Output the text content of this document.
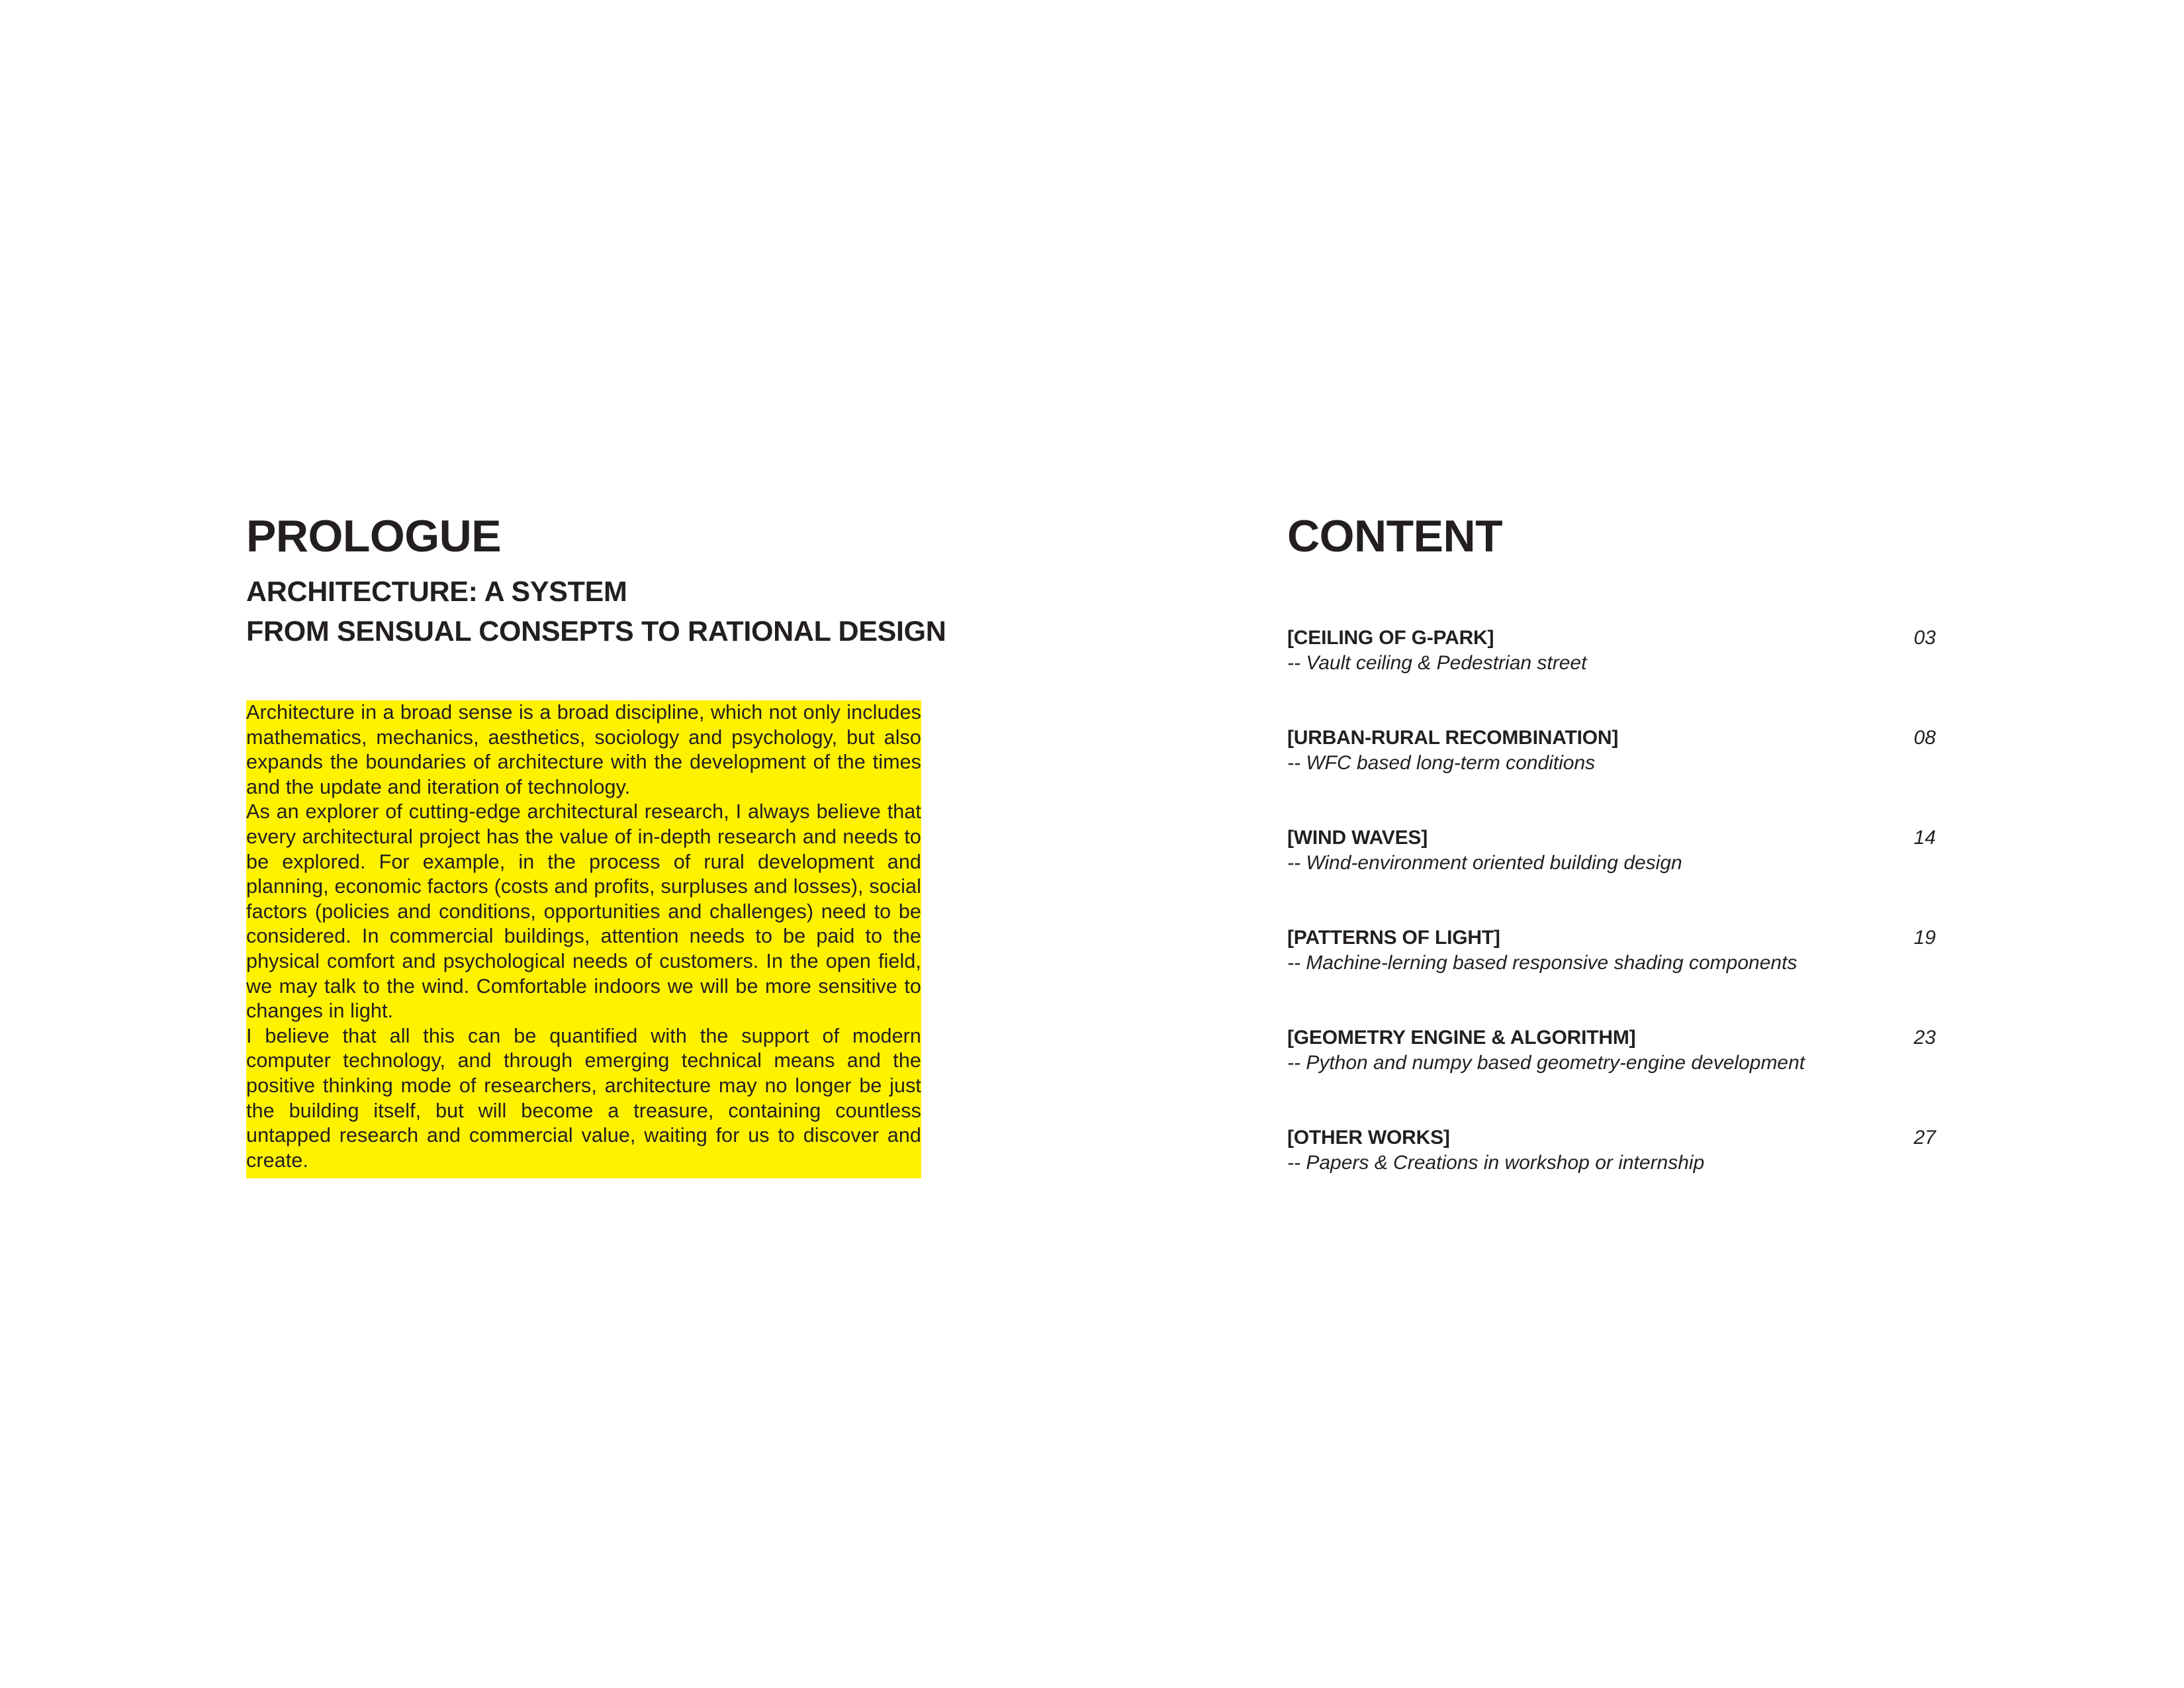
PROLOGUE
ARCHITECTURE: A SYSTEM
FROM SENSUAL CONSEPTS TO RATIONAL DESIGN

Architecture in a broad sense is a broad discipline, which not only includes mathematics, mechanics, aesthetics, sociology and psychology, but also expands the boundaries of architecture with the development of the times and the update and iteration of technology.

As an explorer of cutting-edge architectural research, I always believe that every architectural project has the value of in-depth research and needs to be explored. For example, in the process of rural development and planning, economic factors (costs and profits, surpluses and losses), social factors (policies and conditions, opportunities and challenges) need to be considered. In commercial buildings, attention needs to be paid to the physical comfort and psychological needs of customers. In the open field, we may talk to the wind. Comfortable indoors we will be more sensitive to changes in light.

I believe that all this can be quantified with the support of modern computer technology, and through emerging technical means and the positive thinking mode of researchers, architecture may no longer be just the building itself, but will become a treasure, containing countless untapped research and commercial value, waiting for us to discover and create.

CONTENT
[CEILING OF G-PARK]
-- Vault ceiling & Pedestrian street
03
[URBAN-RURAL RECOMBINATION]
-- WFC based long-term conditions
08
[WIND WAVES]
-- Wind-environment oriented building design
14
[PATTERNS OF LIGHT]
-- Machine-lerning based responsive shading components
19
[GEOMETRY ENGINE & ALGORITHM]
-- Python and numpy based geometry-engine development
23
[OTHER WORKS]
-- Papers & Creations in workshop or internship
27
